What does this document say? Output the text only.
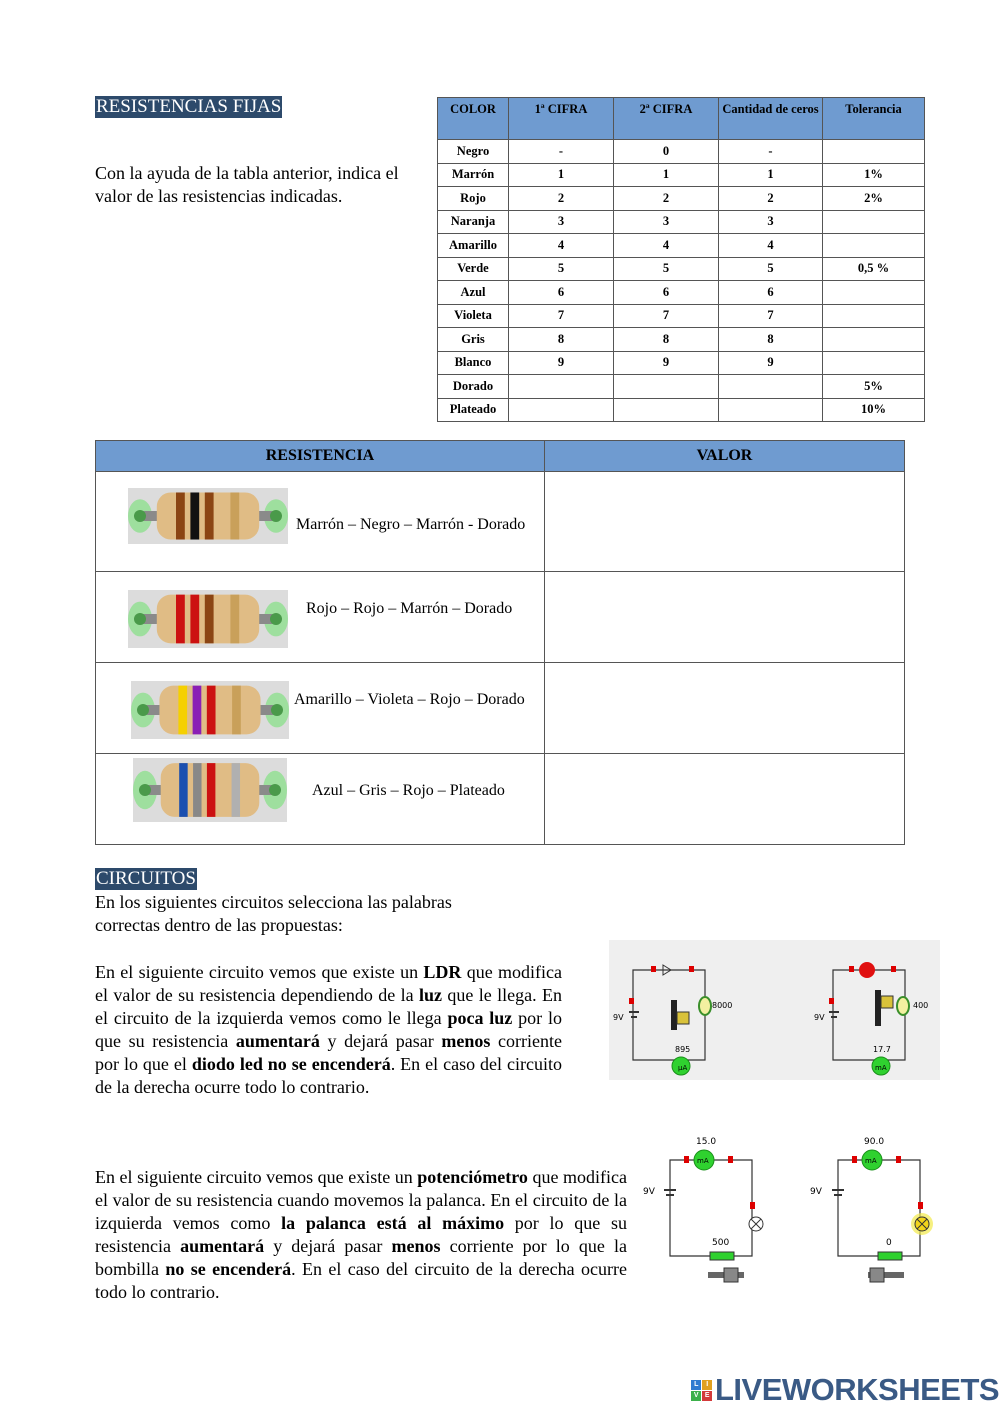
RESISTENCIAS FIJAS
Con la ayuda de la tabla anterior, indica el valor de las resistencias indicadas.
COLOR	1ª CIFRA	2ª CIFRA	Cantidad de ceros	Tolerancia
Negro	-	0	-	
Marrón	1	1	1	1%
Rojo	2	2	2	2%
Naranja	3	3	3	
Amarillo	4	4	4	
Verde	5	5	5	0,5 %
Azul	6	6	6	
Violeta	7	7	7	
Gris	8	8	8	
Blanco	9	9	9	
Dorado				5%
Plateado				10%
RESISTENCIA	VALOR

Marrón – Negro – Marrón - Dorado	

Rojo – Rojo – Marrón – Dorado	

Amarillo – Violeta – Rojo – Dorado	

Azul – Gris – Rojo – Plateado	

CIRCUITOS
En los siguientes circuitos selecciona las palabras
correctas dentro de las propuestas:
En el siguiente circuito vemos que existe un LDR que modifica el valor de su resistencia dependiendo de la luz que le llega. En el circuito de la izquierda vemos como le llega poca luz por lo que su resistencia aumentará y dejará pasar menos corriente por lo que el diodo led no se encenderá. En el caso del circuito de la derecha ocurre todo lo contrario.
μA
9V
8000
895
mA
9V
400
17.7
En el siguiente circuito vemos que existe un potenciómetro que modifica el valor de su resistencia cuando movemos la palanca. En el circuito de la izquierda vemos como la palanca está al máximo por lo que su resistencia aumentará y dejará pasar menos corriente por lo que la bombilla no se encenderá. En el caso del circuito de la derecha ocurre todo lo contrario.
mA
15.0
9V
500
mA
90.0
9V
0
L	I
V E LIVEWORKSHEETS
